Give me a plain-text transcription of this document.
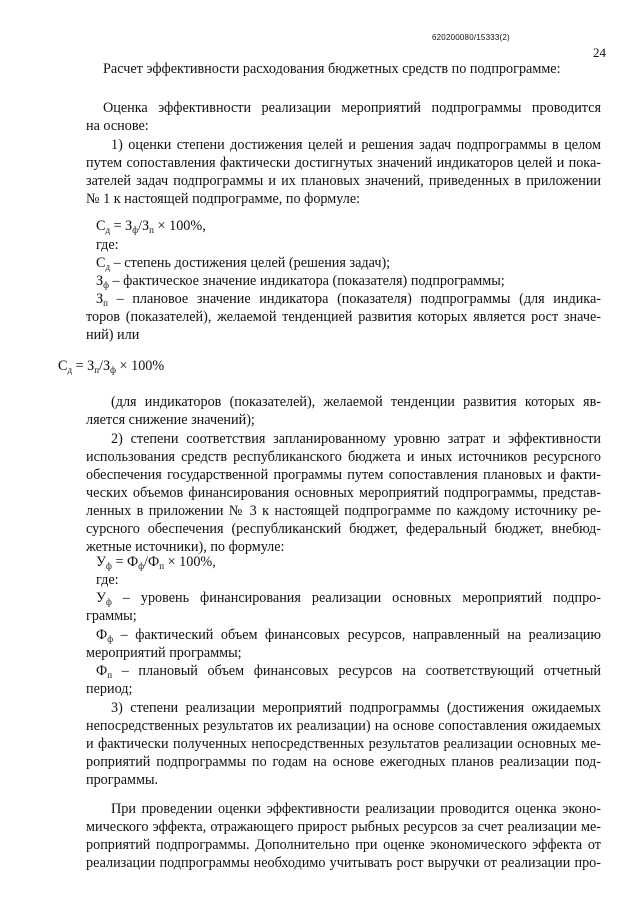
620200080/15333(2)
24
Расчет эффективности расходования бюджетных средств по подпрограмме:
Оценка эффективности реализации мероприятий подпрограммы проводится
на основе:
1) оценки степени достижения целей и решения задач подпрограммы в целом
путем сопоставления фактически достигнутых значений индикаторов целей и пока-
зателей задач подпрограммы и их плановых значений, приведенных в приложении
№ 1 к настоящей подпрограмме, по формуле:
$С_д = З_ф/З_п \times 100\%$,
где:
$С_д$ – степень достижения целей (решения задач);
$З_ф$ – фактическое значение индикатора (показателя) подпрограммы;
$З_п$ – плановое значение индикатора (показателя) подпрограммы (для индика-
торов (показателей), желаемой тенденцией развития которых является рост значе-
ний) или
$С_д = З_п/З_ф \times 100\%$
(для индикаторов (показателей), желаемой тенденции развития которых яв-
ляется снижение значений);
2) степени соответствия запланированному уровню затрат и эффективности
использования средств республиканского бюджета и иных источников ресурсного
обеспечения государственной программы путем сопоставления плановых и факти-
ческих объемов финансирования основных мероприятий подпрограммы, представ-
ленных в приложении № 3 к настоящей подпрограмме по каждому источнику ре-
сурсного обеспечения (республиканский бюджет, федеральный бюджет, внебюд-
жетные источники), по формуле:
$У_ф = Ф_ф/Ф_п \times 100\%$,
где:
$У_ф$ – уровень финансирования реализации основных мероприятий подпро-
граммы;
$Ф_ф$ – фактический объем финансовых ресурсов, направленный на реализацию
мероприятий программы;
$Ф_п$ – плановый объем финансовых ресурсов на соответствующий отчетный
период;
3) степени реализации мероприятий подпрограммы (достижения ожидаемых
непосредственных результатов их реализации) на основе сопоставления ожидаемых
и фактически полученных непосредственных результатов реализации основных ме-
роприятий подпрограммы по годам на основе ежегодных планов реализации под-
программы.
При проведении оценки эффективности реализации проводится оценка эконо-
мического эффекта, отражающего прирост рыбных ресурсов за счет реализации ме-
роприятий подпрограммы. Дополнительно при оценке экономического эффекта от
реализации подпрограммы необходимо учитывать рост выручки от реализации про-
